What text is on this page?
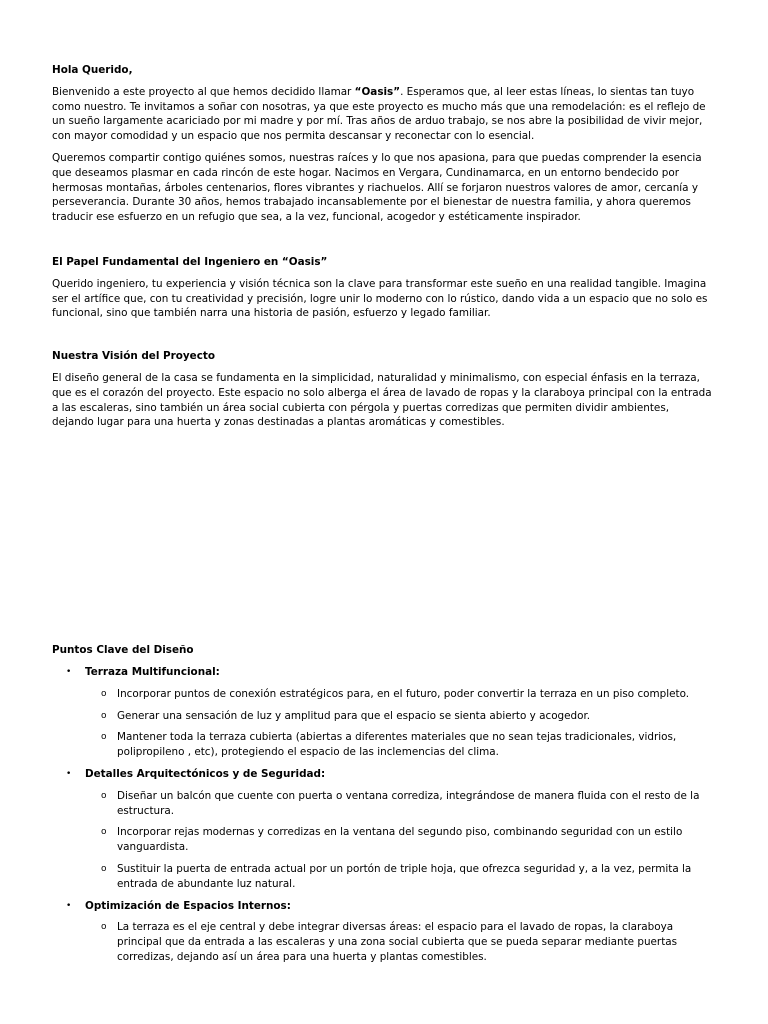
Hola Querido,

Bienvenido a este proyecto al que hemos decidido llamar “Oasis”. Esperamos que, al leer estas líneas, lo sientas tan tuyo como nuestro. Te invitamos a soñar con nosotras, ya que este proyecto es mucho más que una remodelación: es el reflejo de un sueño largamente acariciado por mi madre y por mí. Tras años de arduo trabajo, se nos abre la posibilidad de vivir mejor, con mayor comodidad y un espacio que nos permita descansar y reconectar con lo esencial.

Queremos compartir contigo quiénes somos, nuestras raíces y lo que nos apasiona, para que puedas comprender la esencia que deseamos plasmar en cada rincón de este hogar. Nacimos en Vergara, Cundinamarca, en un entorno bendecido por hermosas montañas, árboles centenarios, flores vibrantes y riachuelos. Allí se forjaron nuestros valores de amor, cercanía y perseverancia. Durante 30 años, hemos trabajado incansablemente por el bienestar de nuestra familia, y ahora queremos traducir ese esfuerzo en un refugio que sea, a la vez, funcional, acogedor y estéticamente inspirador.

El Papel Fundamental del Ingeniero en “Oasis”

Querido ingeniero, tu experiencia y visión técnica son la clave para transformar este sueño en una realidad tangible. Imagina ser el artífice que, con tu creatividad y precisión, logre unir lo moderno con lo rústico, dando vida a un espacio que no solo es funcional, sino que también narra una historia de pasión, esfuerzo y legado familiar.

Nuestra Visión del Proyecto

El diseño general de la casa se fundamenta en la simplicidad, naturalidad y minimalismo, con especial énfasis en la terraza, que es el corazón del proyecto. Este espacio no solo alberga el área de lavado de ropas y la claraboya principal con la entrada a las escaleras, sino también un área social cubierta con pérgola y puertas corredizas que permiten dividir ambientes, dejando lugar para una huerta y zonas destinadas a plantas aromáticas y comestibles.

Puntos Clave del Diseño

• Terraza Multifuncional:
o Incorporar puntos de conexión estratégicos para, en el futuro, poder convertir la terraza en un piso completo.
o Generar una sensación de luz y amplitud para que el espacio se sienta abierto y acogedor.
o Mantener toda la terraza cubierta (abiertas a diferentes materiales que no sean tejas tradicionales, vidrios, polipropileno , etc), protegiendo el espacio de las inclemencias del clima.
• Detalles Arquitectónicos y de Seguridad:
o Diseñar un balcón que cuente con puerta o ventana corrediza, integrándose de manera fluida con el resto de la estructura.
o Incorporar rejas modernas y corredizas en la ventana del segundo piso, combinando seguridad con un estilo vanguardista.
o Sustituir la puerta de entrada actual por un portón de triple hoja, que ofrezca seguridad y, a la vez, permita la entrada de abundante luz natural.
• Optimización de Espacios Internos:
o La terraza es el eje central y debe integrar diversas áreas: el espacio para el lavado de ropas, la claraboya principal que da entrada a las escaleras y una zona social cubierta que se pueda separar mediante puertas corredizas, dejando así un área para una huerta y plantas comestibles.
